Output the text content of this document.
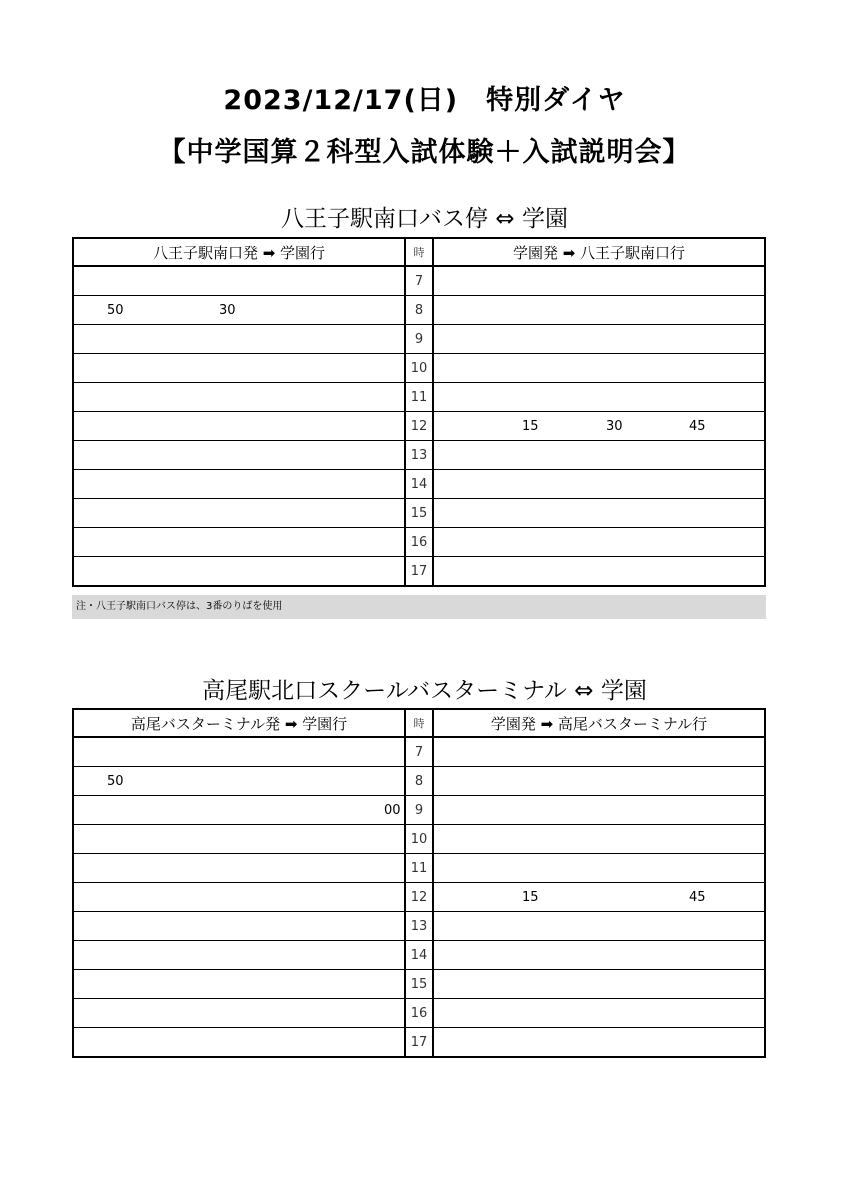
2023/12/17(日)　特別ダイヤ
【中学国算２科型入試体験＋入試説明会】
八王子駅南口バス停 ⇔ 学園
八王子駅南口発 ➡ 学園行	時	学園発 ➡ 八王子駅南口行
	7	

50 30	8	
	9	
	10	
	11	
	12	15 30 45

	13	
	14	
	15	
	16	
	17	
注・八王子駅南口バス停は、3番のりばを使用
高尾駅北口スクールバスターミナル ⇔ 学園
高尾バスターミナル発 ➡ 学園行	時	学園発 ➡ 高尾バスターミナル行
	7	

50	8	

00	9	
	10	
	11	
	12	15 45

	13	
	14	
	15	
	16	
	17	
